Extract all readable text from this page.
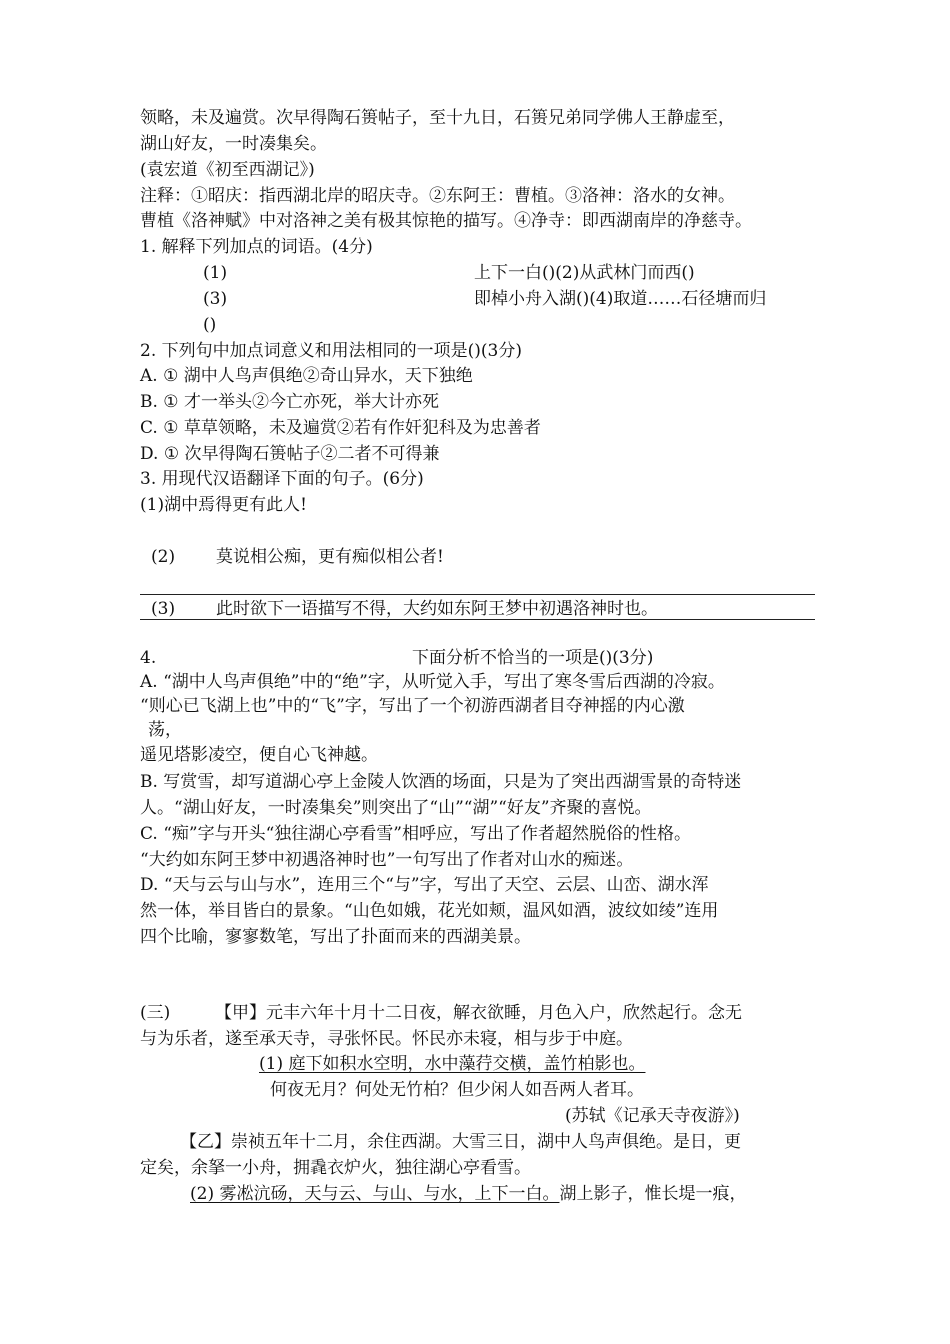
领略，未及遍赏。次早得陶石篑帖子，至十九日，石篑兄弟同学佛人王静虚至，
湖山好友，一时凑集矣。
(袁宏道《初至西湖记》)
注释：①昭庆：指西湖北岸的昭庆寺。②东阿王：曹植。③洛神：洛水的女神。
曹植《洛神赋》中对洛神之美有极其惊艳的描写。④净寺：即西湖南岸的净慈寺。
1. 解释下列加点的词语。(4分)
(1)	上下一白()(2)从武林门而西()
(3)	即棹小舟入湖()(4)取道……石径塘而归
()
2. 下列句中加点词意义和用法相同的一项是()(3分)
A. ① 湖中人鸟声俱绝②奇山异水，天下独绝
B. ① 才一举头②今亡亦死，举大计亦死
C. ① 草草领略，未及遍赏②若有作奸犯科及为忠善者
D. ① 次早得陶石篑帖子②二者不可得兼
3. 用现代汉语翻译下面的句子。(6分)
(1)湖中焉得更有此人!
(2) 莫说相公痴，更有痴似相公者!
(3) 此时欲下一语描写不得，大约如东阿王梦中初遇洛神时也。
4.	下面分析不恰当的一项是()(3分)
A. “湖中人鸟声俱绝”中的“绝”字，从听觉入手，写出了寒冬雪后西湖的冷寂。
“则心已飞湖上也”中的“飞”字，写出了一个初游西湖者目夺神摇的内心激
荡，
遥见塔影凌空，便自心飞神越。
B. 写赏雪，却写道湖心亭上金陵人饮酒的场面，只是为了突出西湖雪景的奇特迷
人。“湖山好友，一时凑集矣”则突出了“山”“湖”“好友”齐聚的喜悦。
C. “痴”字与开头“独往湖心亭看雪”相呼应，写出了作者超然脱俗的性格。
“大约如东阿王梦中初遇洛神时也”一句写出了作者对山水的痴迷。
D. “天与云与山与水”，连用三个“与”字，写出了天空、云层、山峦、湖水浑
然一体，举目皆白的景象。“山色如娥，花光如颊，温风如酒，波纹如绫”连用
四个比喻，寥寥数笔，写出了扑面而来的西湖美景。
(三)	【甲】元丰六年十月十二日夜，解衣欲睡，月色入户，欣然起行。念无
与为乐者，遂至承天寺，寻张怀民。怀民亦未寝，相与步于中庭。
(1) 庭下如积水空明，水中藻荇交横，盖竹柏影也。
何夜无月？何处无竹柏？但少闲人如吾两人者耳。
(苏轼《记承天寺夜游》)
【乙】崇祯五年十二月，余住西湖。大雪三日，湖中人鸟声俱绝。是日，更
定矣，余拏一小舟，拥毳衣炉火，独往湖心亭看雪。
(2) 雾凇沆砀，天与云、与山、与水，上下一白。湖上影子，惟长堤一痕，
